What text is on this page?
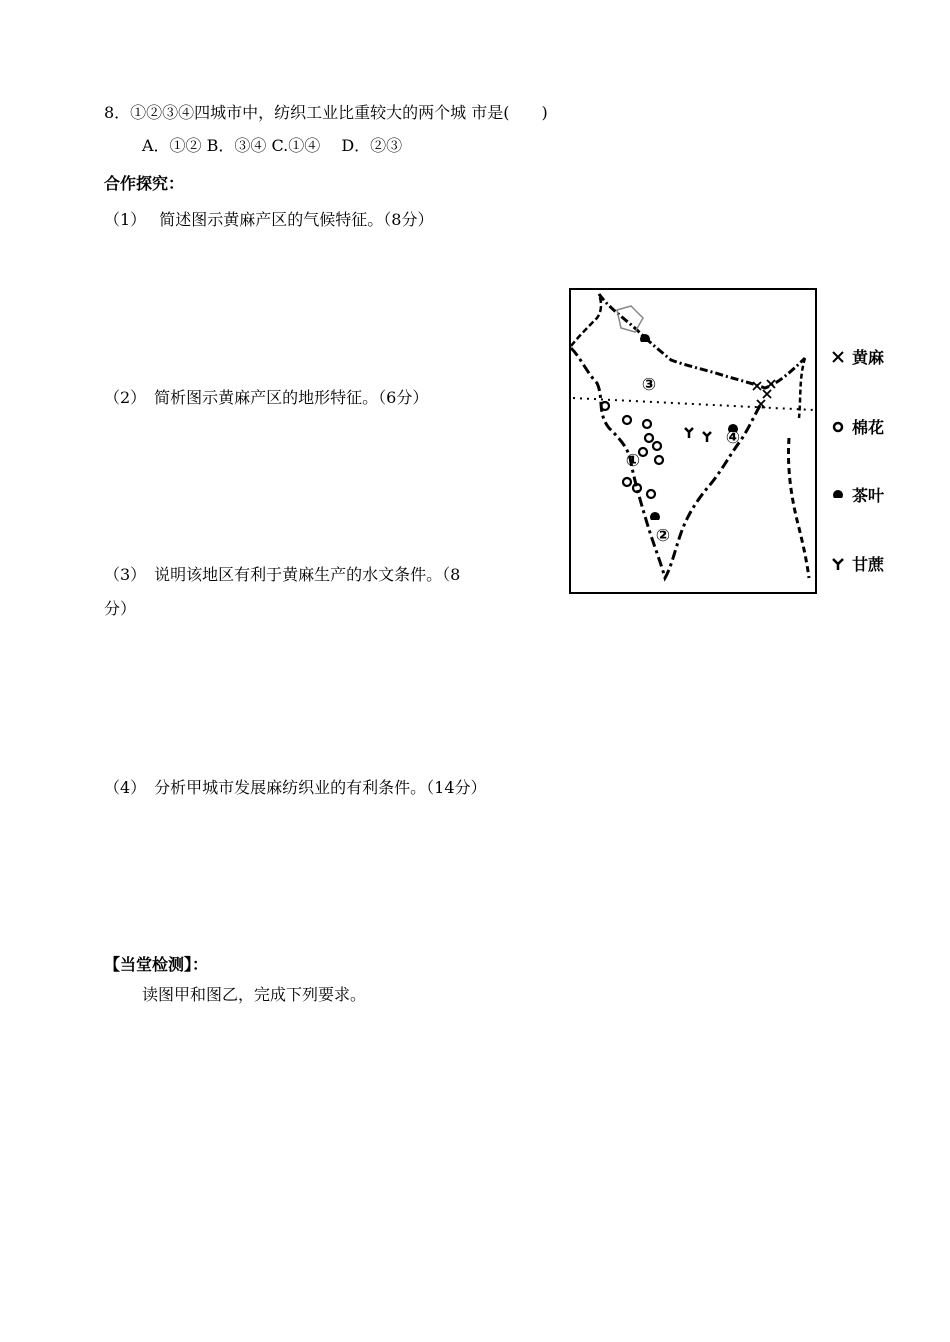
8．①②③④四城市中，纺织工业比重较大的两个城 市是(　　)
A．①② B．③④ C.①④　 D．②③
合作探究：
（1）　 简述图示黄麻产区的气候特征。（8分）
（2）　简析图示黄麻产区的地形特征。（6分）
（3）　说明该地区有利于黄麻生产的水文条件。（8
分）
（4）　分析甲城市发展麻纺织业的有利条件。（14分）
【当堂检测】：
读图甲和图乙，完成下列要求。
①
②
③
④
黄麻
棉花
茶叶
甘蔗
